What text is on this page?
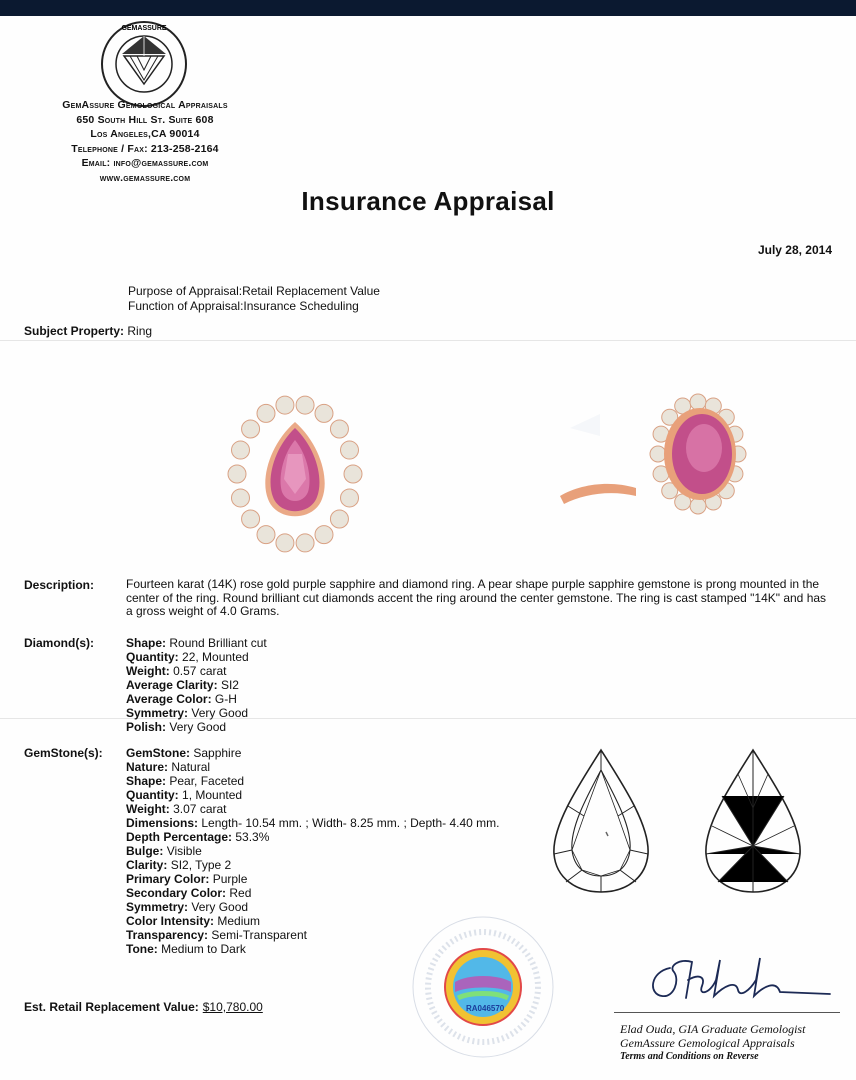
GEMASSURE
GemAssure Gemological Appraisals
650 South Hill St. Suite 608
Los Angeles,CA 90014
Telephone / Fax: 213-258-2164
Email: info@gemassure.com
www.gemassure.com
Insurance Appraisal
July 28, 2014
Purpose of Appraisal:Retail Replacement Value
Function of Appraisal:Insurance Scheduling
Subject Property: Ring
Description:	Fourteen karat (14K) rose gold purple sapphire and diamond ring. A pear shape purple sapphire gemstone is prong mounted in the center of the ring. Round brilliant cut diamonds accent the ring around the center gemstone. The ring is cast stamped "14K" and has a gross weight of 4.0 Grams.
Diamond(s):	Shape: Round Brilliant cut
Quantity: 22, Mounted
Weight: 0.57 carat
Average Clarity: SI2
Average Color: G-H
Symmetry: Very Good
Polish: Very Good
GemStone(s): GemStone: Sapphire
Nature: Natural
Shape: Pear, Faceted
Quantity: 1, Mounted
Weight: 3.07 carat
Dimensions: Length- 10.54 mm. ; Width- 8.25 mm. ; Depth- 4.40 mm.
Depth Percentage: 53.3%
Bulge: Visible
Clarity: SI2, Type 2
Primary Color: Purple
Secondary Color: Red
Symmetry: Very Good
Color Intensity: Medium
Transparency: Semi-Transparent
Tone: Medium to Dark
RA046570
Elad Ouda, GIA Graduate Gemologist
GemAssure Gemological Appraisals
Terms and Conditions on Reverse
Est. Retail Replacement Value: $10,780.00
